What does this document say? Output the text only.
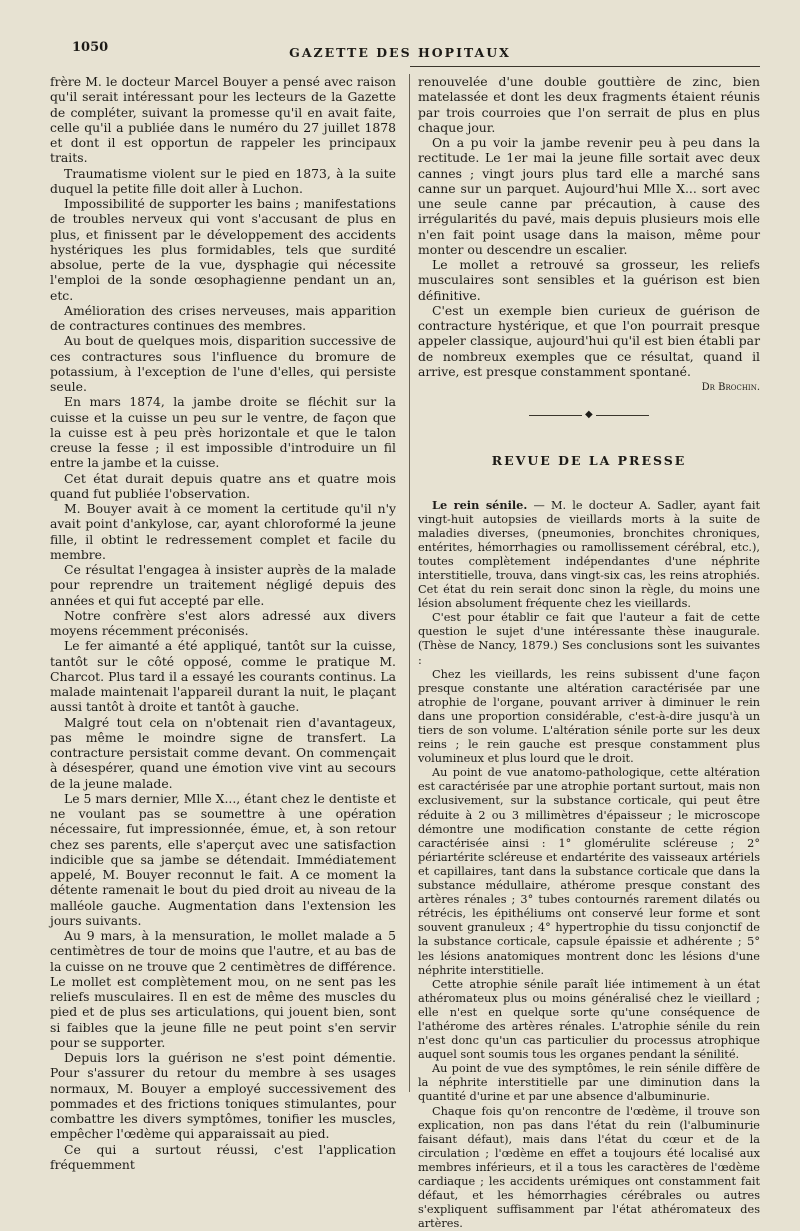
1050	GAZETTE DES HOPITAUX

frère M. le docteur Marcel Bouyer a pensé avec raison qu'il serait intéressant pour les lecteurs de la Gazette de compléter, suivant la promesse qu'il en avait faite, celle qu'il a publiée dans le numéro du 27 juillet 1878 et dont il est opportun de rappeler les principaux traits.

Traumatisme violent sur le pied en 1873, à la suite duquel la petite fille doit aller à Luchon.

Impossibilité de supporter les bains ; manifestations de troubles nerveux qui vont s'accusant de plus en plus, et finissent par le développement des accidents hystériques les plus formidables, tels que surdité absolue, perte de la vue, dysphagie qui nécessite l'emploi de la sonde œsophagienne pendant un an, etc.

Amélioration des crises nerveuses, mais apparition de contractures continues des membres.

Au bout de quelques mois, disparition successive de ces contractures sous l'influence du bromure de potassium, à l'exception de l'une d'elles, qui persiste seule.

En mars 1874, la jambe droite se fléchit sur la cuisse et la cuisse un peu sur le ventre, de façon que la cuisse est à peu près horizontale et que le talon creuse la fesse ; il est impossible d'introduire un fil entre la jambe et la cuisse.

Cet état durait depuis quatre ans et quatre mois quand fut publiée l'observation.

M. Bouyer avait à ce moment la certitude qu'il n'y avait point d'ankylose, car, ayant chloroformé la jeune fille, il obtint le redressement complet et facile du membre.

Ce résultat l'engagea à insister auprès de la malade pour reprendre un traitement négligé depuis des années et qui fut accepté par elle.

Notre confrère s'est alors adressé aux divers moyens récemment préconisés.

Le fer aimanté a été appliqué, tantôt sur la cuisse, tantôt sur le côté opposé, comme le pratique M. Charcot. Plus tard il a essayé les courants continus. La malade maintenait l'appareil durant la nuit, le plaçant aussi tantôt à droite et tantôt à gauche.

Malgré tout cela on n'obtenait rien d'avantageux, pas même le moindre signe de transfert. La contracture persistait comme devant. On commençait à désespérer, quand une émotion vive vint au secours de la jeune malade.

Le 5 mars dernier, Mlle X..., étant chez le dentiste et ne voulant pas se soumettre à une opération nécessaire, fut impressionnée, émue, et, à son retour chez ses parents, elle s'aperçut avec une satisfaction indicible que sa jambe se détendait. Immédiatement appelé, M. Bouyer reconnut le fait. A ce moment la détente ramenait le bout du pied droit au niveau de la malléole gauche. Augmentation dans l'extension les jours suivants.

Au 9 mars, à la mensuration, le mollet malade a 5 centimètres de tour de moins que l'autre, et au bas de la cuisse on ne trouve que 2 centimètres de différence. Le mollet est complètement mou, on ne sent pas les reliefs musculaires. Il en est de même des muscles du pied et de plus ses articulations, qui jouent bien, sont si faibles que la jeune fille ne peut point s'en servir pour se supporter.

Depuis lors la guérison ne s'est point démentie. Pour s'assurer du retour du membre à ses usages normaux, M. Bouyer a employé successivement des pommades et des frictions toniques stimulantes, pour combattre les divers symptômes, tonifier les muscles, empêcher l'œdème qui apparaissait au pied.

Ce qui a surtout réussi, c'est l'application fréquemment

renouvelée d'une double gouttière de zinc, bien matelassée et dont les deux fragments étaient réunis par trois courroies que l'on serrait de plus en plus chaque jour.

On a pu voir la jambe revenir peu à peu dans la rectitude. Le 1er mai la jeune fille sortait avec deux cannes ; vingt jours plus tard elle a marché sans canne sur un parquet. Aujourd'hui Mlle X... sort avec une seule canne par précaution, à cause des irrégularités du pavé, mais depuis plusieurs mois elle n'en fait point usage dans la maison, même pour monter ou descendre un escalier.

Le mollet a retrouvé sa grosseur, les reliefs musculaires sont sensibles et la guérison est bien définitive.

C'est un exemple bien curieux de guérison de contracture hystérique, et que l'on pourrait presque appeler classique, aujourd'hui qu'il est bien établi par de nombreux exemples que ce résultat, quand il arrive, est presque constamment spontané.

Dr Brochin.
◆
REVUE DE LA PRESSE

Le rein sénile. — M. le docteur A. Sadler, ayant fait vingt-huit autopsies de vieillards morts à la suite de maladies diverses, (pneumonies, bronchites chroniques, entérites, hémorrhagies ou ramollissement cérébral, etc.), toutes complètement indépendantes d'une néphrite interstitielle, trouva, dans vingt-six cas, les reins atrophiés. Cet état du rein serait donc sinon la règle, du moins une lésion absolument fréquente chez les vieillards.

C'est pour établir ce fait que l'auteur a fait de cette question le sujet d'une intéressante thèse inaugurale. (Thèse de Nancy, 1879.) Ses conclusions sont les suivantes :

Chez les vieillards, les reins subissent d'une façon presque constante une altération caractérisée par une atrophie de l'organe, pouvant arriver à diminuer le rein dans une proportion considérable, c'est-à-dire jusqu'à un tiers de son volume. L'altération sénile porte sur les deux reins ; le rein gauche est presque constamment plus volumineux et plus lourd que le droit.

Au point de vue anatomo-pathologique, cette altération est caractérisée par une atrophie portant surtout, mais non exclusivement, sur la substance corticale, qui peut être réduite à 2 ou 3 millimètres d'épaisseur ; le microscope démontre une modification constante de cette région caractérisée ainsi : 1° glomérulite scléreuse ; 2° périartérite scléreuse et endartérite des vaisseaux artériels et capillaires, tant dans la substance corticale que dans la substance médullaire, athérome presque constant des artères rénales ; 3° tubes contournés rarement dilatés ou rétrécis, les épithéliums ont conservé leur forme et sont souvent granuleux ; 4° hypertrophie du tissu conjonctif de la substance corticale, capsule épaissie et adhérente ; 5° les lésions anatomiques montrent donc les lésions d'une néphrite interstitielle.

Cette atrophie sénile paraît liée intimement à un état athéromateux plus ou moins généralisé chez le vieillard ; elle n'est en quelque sorte qu'une conséquence de l'athérome des artères rénales. L'atrophie sénile du rein n'est donc qu'un cas particulier du processus atrophique auquel sont soumis tous les organes pendant la sénilité.

Au point de vue des symptômes, le rein sénile diffère de la néphrite interstitielle par une diminution dans la quantité d'urine et par une absence d'albuminurie.

Chaque fois qu'on rencontre de l'œdème, il trouve son explication, non pas dans l'état du rein (l'albuminurie faisant défaut), mais dans l'état du cœur et de la circulation ; l'œdème en effet a toujours été localisé aux membres inférieurs, et il a tous les caractères de l'œdème cardiaque ; les accidents urémiques ont constamment fait défaut, et les hémorrhagies cérébrales ou autres s'expliquent suffisamment par l'état athéromateux des artères.
